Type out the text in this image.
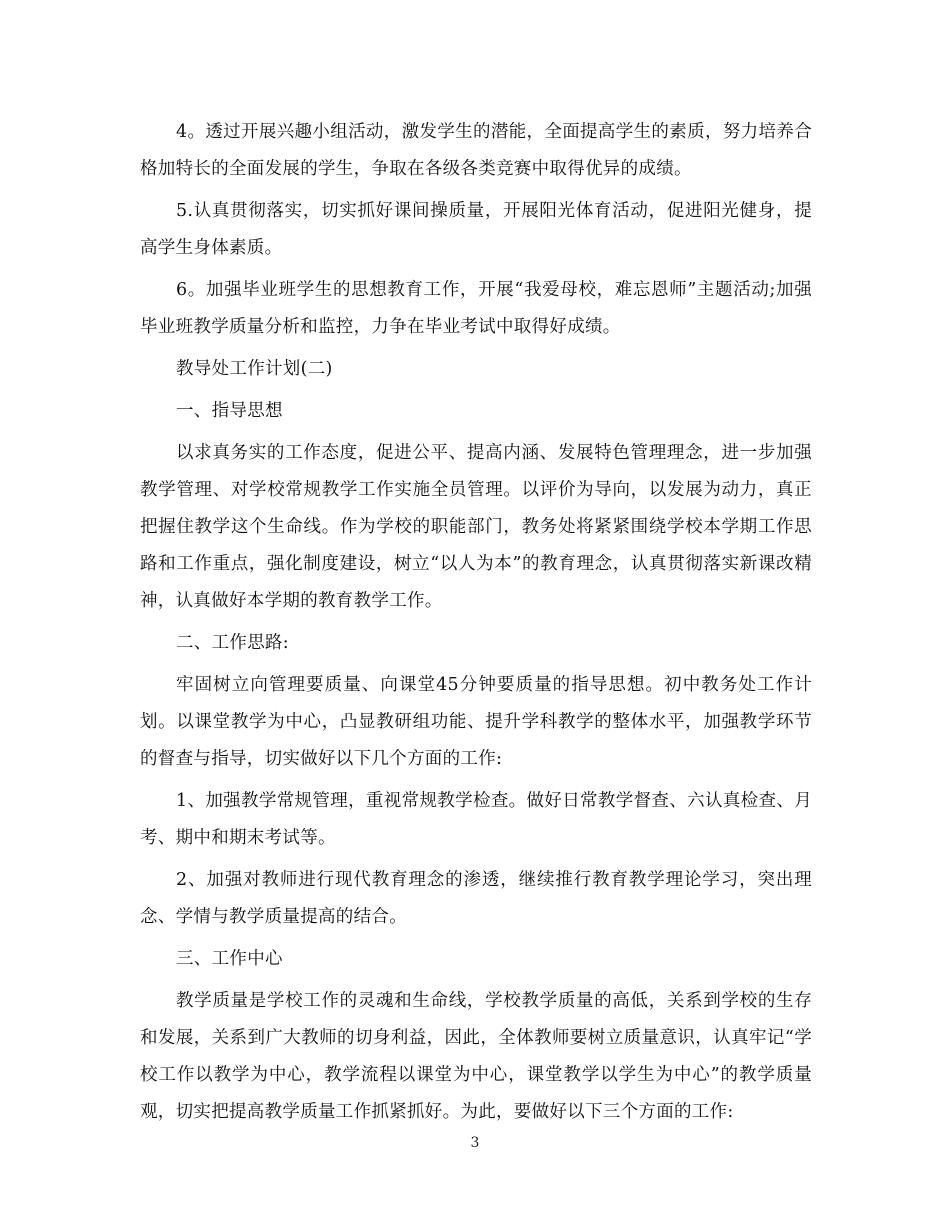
4。透过开展兴趣小组活动，激发学生的潜能，全面提高学生的素质，努力培养合格加特长的全面发展的学生，争取在各级各类竞赛中取得优异的成绩。

5.认真贯彻落实，切实抓好课间操质量，开展阳光体育活动，促进阳光健身，提高学生身体素质。

6。加强毕业班学生的思想教育工作，开展“我爱母校，难忘恩师”主题活动;加强毕业班教学质量分析和监控，力争在毕业考试中取得好成绩。

教导处工作计划(二)

一、指导思想

以求真务实的工作态度，促进公平、提高内涵、发展特色管理理念，进一步加强教学管理、对学校常规教学工作实施全员管理。以评价为导向，以发展为动力，真正把握住教学这个生命线。作为学校的职能部门，教务处将紧紧围绕学校本学期工作思路和工作重点，强化制度建设，树立“以人为本”的教育理念，认真贯彻落实新课改精神，认真做好本学期的教育教学工作。

二、工作思路:

牢固树立向管理要质量、向课堂45分钟要质量的指导思想。初中教务处工作计划。以课堂教学为中心，凸显教研组功能、提升学科教学的整体水平，加强教学环节的督查与指导，切实做好以下几个方面的工作:

1、加强教学常规管理，重视常规教学检查。做好日常教学督查、六认真检查、月考、期中和期末考试等。

2、加强对教师进行现代教育理念的渗透，继续推行教育教学理论学习，突出理念、学情与教学质量提高的结合。

三、工作中心

教学质量是学校工作的灵魂和生命线，学校教学质量的高低，关系到学校的生存和发展，关系到广大教师的切身利益，因此，全体教师要树立质量意识，认真牢记“学校工作以教学为中心，教学流程以课堂为中心，课堂教学以学生为中心”的教学质量观，切实把提高教学质量工作抓紧抓好。为此，要做好以下三个方面的工作:

3
